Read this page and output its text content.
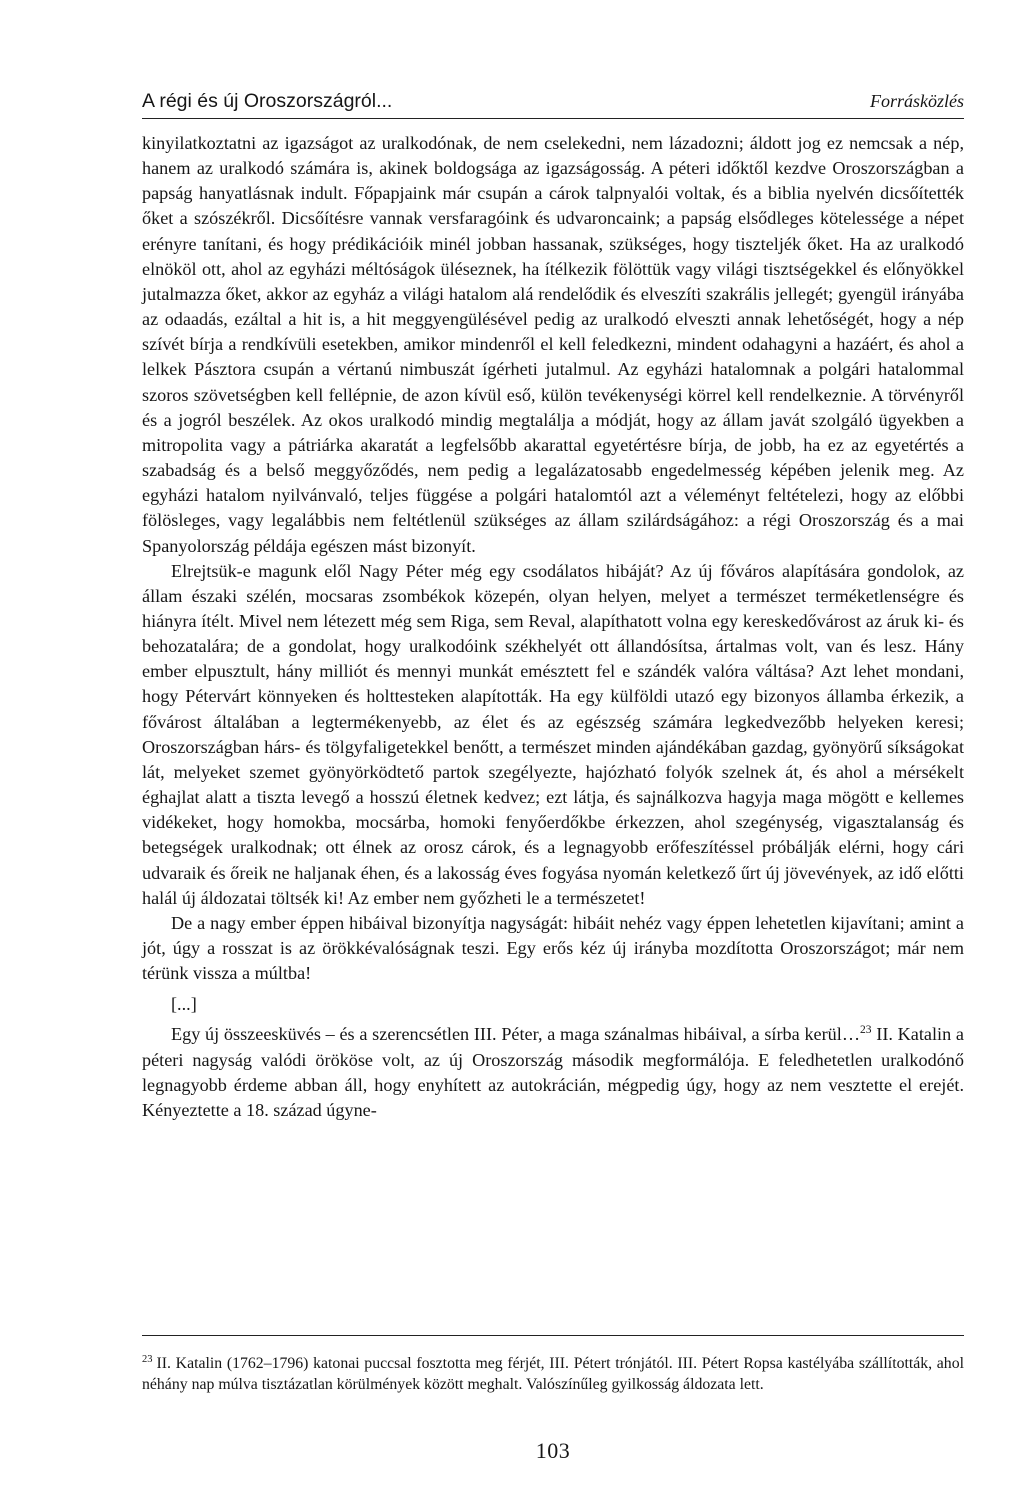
A régi és új Oroszországról...	Forrásközlés

kinyilatkoztatni az igazságot az uralkodónak, de nem cselekedni, nem lázadozni; áldott jog ez nemcsak a nép, hanem az uralkodó számára is, akinek boldogsága az igazságosság. A péteri időktől kezdve Oroszországban a papság hanyatlásnak indult. Főpapjaink már csupán a cárok talpnyalói voltak, és a biblia nyelvén dicsőítették őket a szószékről. Dicsőítésre vannak versfaragóink és udvaroncaink; a papság elsődleges kötelessége a népet erényre tanítani, és hogy prédikációik minél jobban hassanak, szükséges, hogy tiszteljék őket. Ha az uralkodó elnököl ott, ahol az egyházi méltóságok üléseznek, ha ítélkezik fölöttük vagy világi tisztségekkel és előnyökkel jutalmazza őket, akkor az egyház a világi hatalom alá rendelődik és elveszíti szakrális jellegét; gyengül irányába az odaadás, ezáltal a hit is, a hit meggyengülésével pedig az uralkodó elveszti annak lehetőségét, hogy a nép szívét bírja a rendkívüli esetekben, amikor mindenről el kell feledkezni, mindent odahagyni a hazáért, és ahol a lelkek Pásztora csupán a vértanú nimbuszát ígérheti jutalmul. Az egyházi hatalomnak a polgári hatalommal szoros szövetségben kell fellépnie, de azon kívül eső, külön tevékenységi körrel kell rendelkeznie. A törvényről és a jogról beszélek. Az okos uralkodó mindig megtalálja a módját, hogy az állam javát szolgáló ügyekben a mitropolita vagy a pátriárka akaratát a legfelsőbb akarattal egyetértésre bírja, de jobb, ha ez az egyetértés a szabadság és a belső meggyőződés, nem pedig a legalázatosabb engedelmesség képében jelenik meg. Az egyházi hatalom nyilvánvaló, teljes függése a polgári hatalomtól azt a véleményt feltételezi, hogy az előbbi fölösleges, vagy legalábbis nem feltétlenül szükséges az állam szilárdságához: a régi Oroszország és a mai Spanyolország példája egészen mást bizonyít.

Elrejtsük-e magunk elől Nagy Péter még egy csodálatos hibáját? Az új főváros alapítására gondolok, az állam északi szélén, mocsaras zsombékok közepén, olyan helyen, melyet a természet terméketlenségre és hiányra ítélt. Mivel nem létezett még sem Riga, sem Reval, alapíthatott volna egy kereskedővárost az áruk ki- és behozatalára; de a gondolat, hogy uralkodóink székhelyét ott állandósítsa, ártalmas volt, van és lesz. Hány ember elpusztult, hány milliót és mennyi munkát emésztett fel e szándék valóra váltása? Azt lehet mondani, hogy Pétervárt könnyeken és holttesteken alapították. Ha egy külföldi utazó egy bizonyos államba érkezik, a fővárost általában a legtermékenyebb, az élet és az egészség számára legkedvezőbb helyeken keresi; Oroszországban hárs- és tölgyfaligetekkel benőtt, a természet minden ajándékában gazdag, gyönyörű síkságokat lát, melyeket szemet gyönyörködtető partok szegélyezte, hajózható folyók szelnek át, és ahol a mérsékelt éghajlat alatt a tiszta levegő a hosszú életnek kedvez; ezt látja, és sajnálkozva hagyja maga mögött e kellemes vidékeket, hogy homokba, mocsárba, homoki fenyőerdőkbe érkezzen, ahol szegénység, vigasztalanság és betegségek uralkodnak; ott élnek az orosz cárok, és a legnagyobb erőfeszítéssel próbálják elérni, hogy cári udvaraik és őreik ne haljanak éhen, és a lakosság éves fogyása nyomán keletkező űrt új jövevények, az idő előtti halál új áldozatai töltsék ki! Az ember nem győzheti le a természetet!

De a nagy ember éppen hibáival bizonyítja nagyságát: hibáit nehéz vagy éppen lehetetlen kijavítani; amint a jót, úgy a rosszat is az örökkévalóságnak teszi. Egy erős kéz új irányba mozdította Oroszországot; már nem térünk vissza a múltba!

[...]

Egy új összeesküvés – és a szerencsétlen III. Péter, a maga szánalmas hibáival, a sírba kerül…$^{23}$ II. Katalin a péteri nagyság valódi örököse volt, az új Oroszország második megformálója. E feledhetetlen uralkodónő legnagyobb érdeme abban áll, hogy enyhített az autokrácián, mégpedig úgy, hogy az nem vesztette el erejét. Kényeztette a 18. század úgyne-

$^{23}$ II. Katalin (1762–1796) katonai puccsal fosztotta meg férjét, III. Pétert trónjától. III. Pétert Ropsa kastélyába szállították, ahol néhány nap múlva tisztázatlan körülmények között meghalt. Valószínűleg gyilkosság áldozata lett.
103
